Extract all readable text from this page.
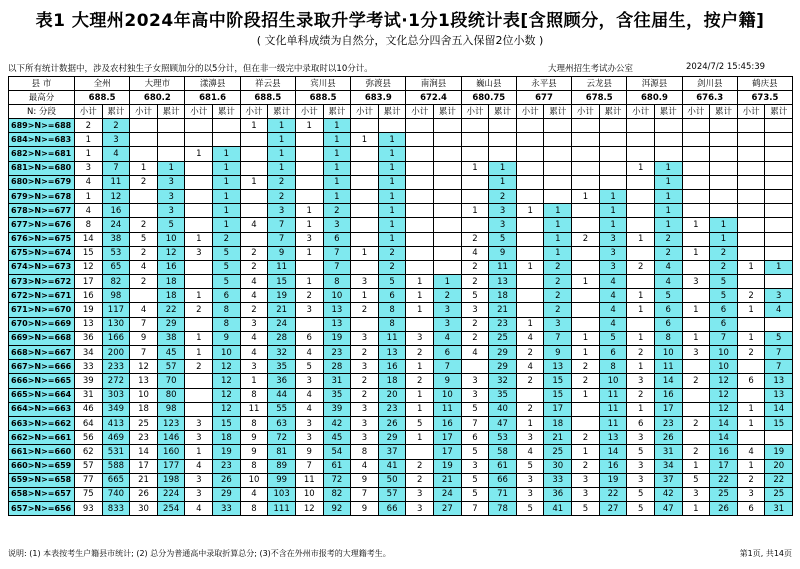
表1 大理州2024年高中阶段招生录取升学考试·1分1段统计表[含照顾分，含往届生，按户籍]
( 文化单科成绩为自然分，文化总分四舍五入保留2位小数 )
以下所有统计数据中，涉及农村独生子女照顾加分的以5分计，但在非一级完中录取时以10分计。	大理州招生考试办公室	2024/7/2 15:45:39
县 市	全州		大理市		漾濞县		祥云县		宾川县		弥渡县		南涧县		巍山县		永平县		云龙县		洱源县		剑川县		鹤庆县	
最高分	688.5		680.2		681.6		688.5		688.5		683.9		672.4		680.75		677		678.5		680.9		676.3		673.5	
N: 分段	小计	累计	小计	累计	小计	累计	小计	累计	小计	累计	小计	累计	小计	累计	小计	累计	小计	累计	小计	累计	小计	累计	小计	累计	小计	累计
689>N>=688	2	2					1	1	1	1																
684>N>=683	1	3						1		1	1	1														
682>N>=681	1	4			1	1		1		1		1														
681>N>=680	3	7	1	1		1		1		1		1			1	1					1	1				
680>N>=679	4	11	2	3		1	1	2		1		1				1						1				
679>N>=678	1	12		3		1		2		1		1				2			1	1		1				
678>N>=677	4	16		3		1		3	1	2		1			1	3	1	1		1		1				
677>N>=676	8	24	2	5		1	4	7	1	3		1				3		1		1		1	1	1		
676>N>=675	14	38	5	10	1	2		7	3	6		1			2	5		1	2	3	1	2		1		
675>N>=674	15	53	2	12	3	5	2	9	1	7	1	2			4	9		1		3		2	1	2		
674>N>=673	12	65	4	16		5	2	11		7		2			2	11	1	2		3	2	4		2	1	1
673>N>=672	17	82	2	18		5	4	15	1	8	3	5	1	1	2	13		2	1	4		4	3	5		
672>N>=671	16	98		18	1	6	4	19	2	10	1	6	1	2	5	18		2		4	1	5		5	2	3
671>N>=670	19	117	4	22	2	8	2	21	3	13	2	8	1	3	3	21		2		4	1	6	1	6	1	4
670>N>=669	13	130	7	29		8	3	24		13		8		3	2	23	1	3		4		6		6		
669>N>=668	36	166	9	38	1	9	4	28	6	19	3	11	3	4	2	25	4	7	1	5	1	8	1	7	1	5
668>N>=667	34	200	7	45	1	10	4	32	4	23	2	13	2	6	4	29	2	9	1	6	2	10	3	10	2	7
667>N>=666	33	233	12	57	2	12	3	35	5	28	3	16	1	7		29	4	13	2	8	1	11		10		7
666>N>=665	39	272	13	70		12	1	36	3	31	2	18	2	9	3	32	2	15	2	10	3	14	2	12	6	13
665>N>=664	31	303	10	80		12	8	44	4	35	2	20	1	10	3	35		15	1	11	2	16		12		13
664>N>=663	46	349	18	98		12	11	55	4	39	3	23	1	11	5	40	2	17		11	1	17		12	1	14
663>N>=662	64	413	25	123	3	15	8	63	3	42	3	26	5	16	7	47	1	18		11	6	23	2	14	1	15
662>N>=661	56	469	23	146	3	18	9	72	3	45	3	29	1	17	6	53	3	21	2	13	3	26		14		
661>N>=660	62	531	14	160	1	19	9	81	9	54	8	37		17	5	58	4	25	1	14	5	31	2	16	4	19
660>N>=659	57	588	17	177	4	23	8	89	7	61	4	41	2	19	3	61	5	30	2	16	3	34	1	17	1	20
659>N>=658	77	665	21	198	3	26	10	99	11	72	9	50	2	21	5	66	3	33	3	19	3	37	5	22	2	22
658>N>=657	75	740	26	224	3	29	4	103	10	82	7	57	3	24	5	71	3	36	3	22	5	42	3	25	3	25
657>N>=656	93	833	30	254	4	33	8	111	12	92	9	66	3	27	7	78	5	41	5	27	5	47	1	26	6	31
说明: (1) 本表按考生户籍县市统计; (2) 总分为普通高中录取折算总分; (3)不含在外州市报考的大理籍考生。	第1页, 共14页
